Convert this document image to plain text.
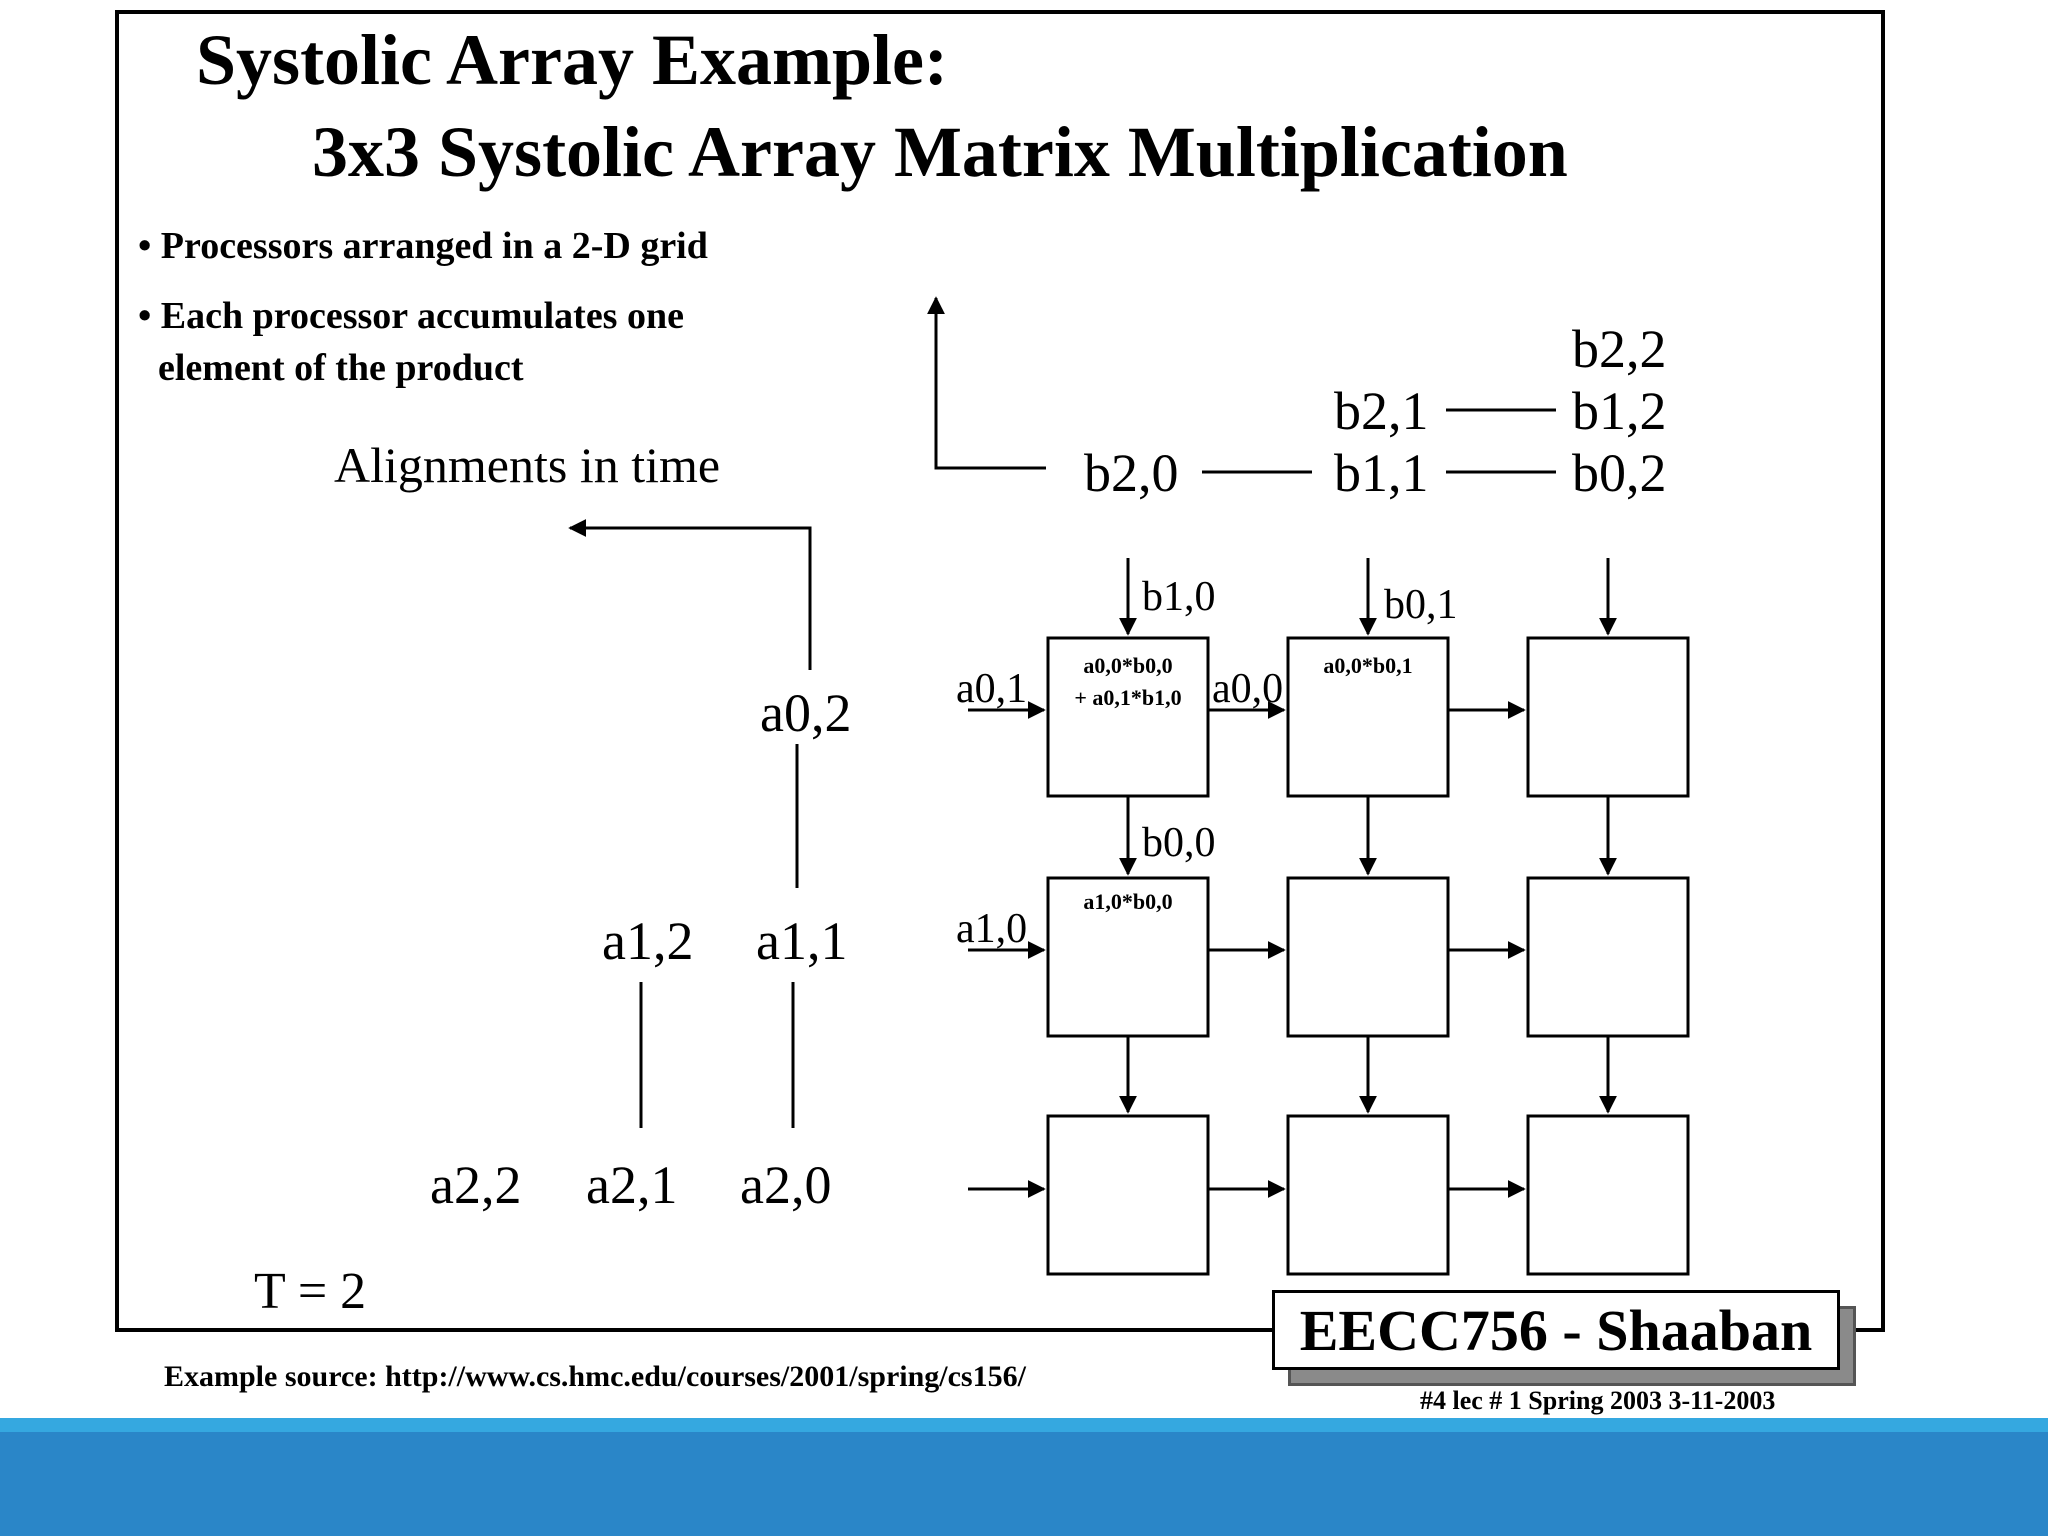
Systolic Array Example:
3x3 Systolic Array Matrix Multiplication
• Processors arranged in a 2-D grid
• Each processor accumulates one
element of the product
Alignments in time
b2,2
b2,1	b1,2
b2,0	b1,1	b0,2
b1,0	b0,1
b0,0
a0,2
a1,2 a1,1
a2,2 a2,1 a2,0
a0,1	a0,0
a1,0
a0,0*b0,0
+ a0,1*b1,0
a0,0*b0,1
a1,0*b0,0
T = 2
EECC756 - Shaaban
Example source: http://www.cs.hmc.edu/courses/2001/spring/cs156/
#4 lec # 1 Spring 2003 3-11-2003
